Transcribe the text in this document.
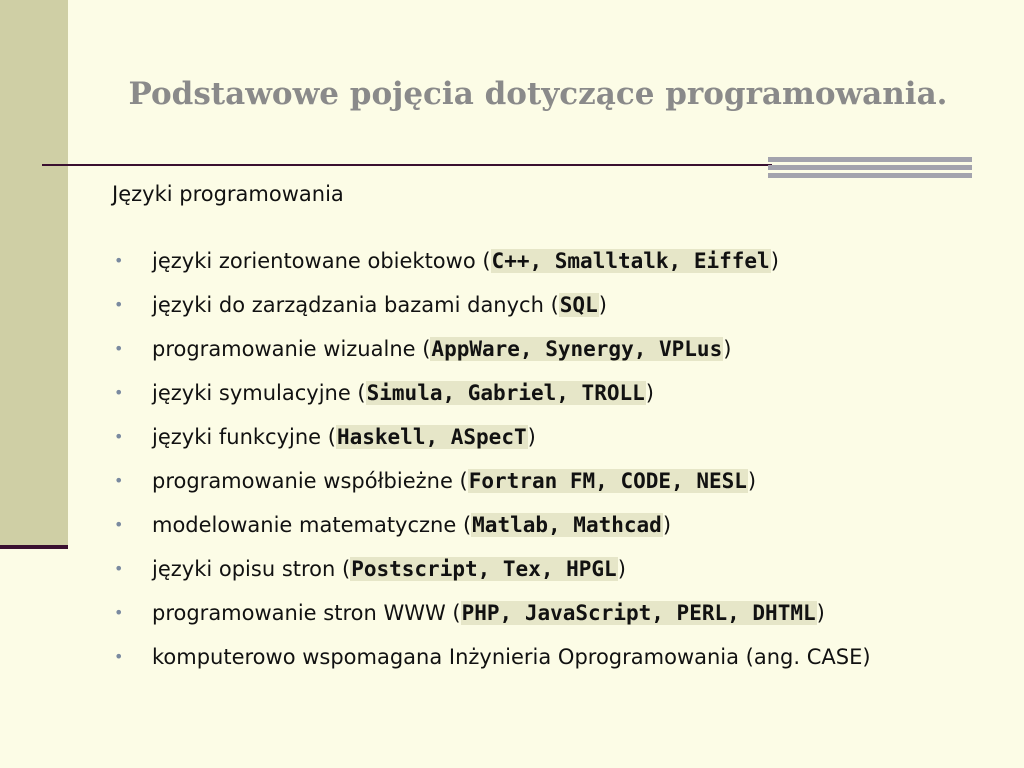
Podstawowe pojęcia dotyczące programowania.

Języki programowania

• języki zorientowane obiektowo (C++, Smalltalk, Eiffel)
• języki do zarządzania bazami danych (SQL)
• programowanie wizualne (AppWare, Synergy, VPLus)
• języki symulacyjne (Simula, Gabriel, TROLL)
• języki funkcyjne (Haskell, ASpecT)
• programowanie współbieżne (Fortran FM, CODE, NESL)
• modelowanie matematyczne (Matlab, Mathcad)
• języki opisu stron (Postscript, Tex, HPGL)
• programowanie stron WWW (PHP, JavaScript, PERL, DHTML)
• komputerowo wspomagana Inżynieria Oprogramowania (ang. CASE)
